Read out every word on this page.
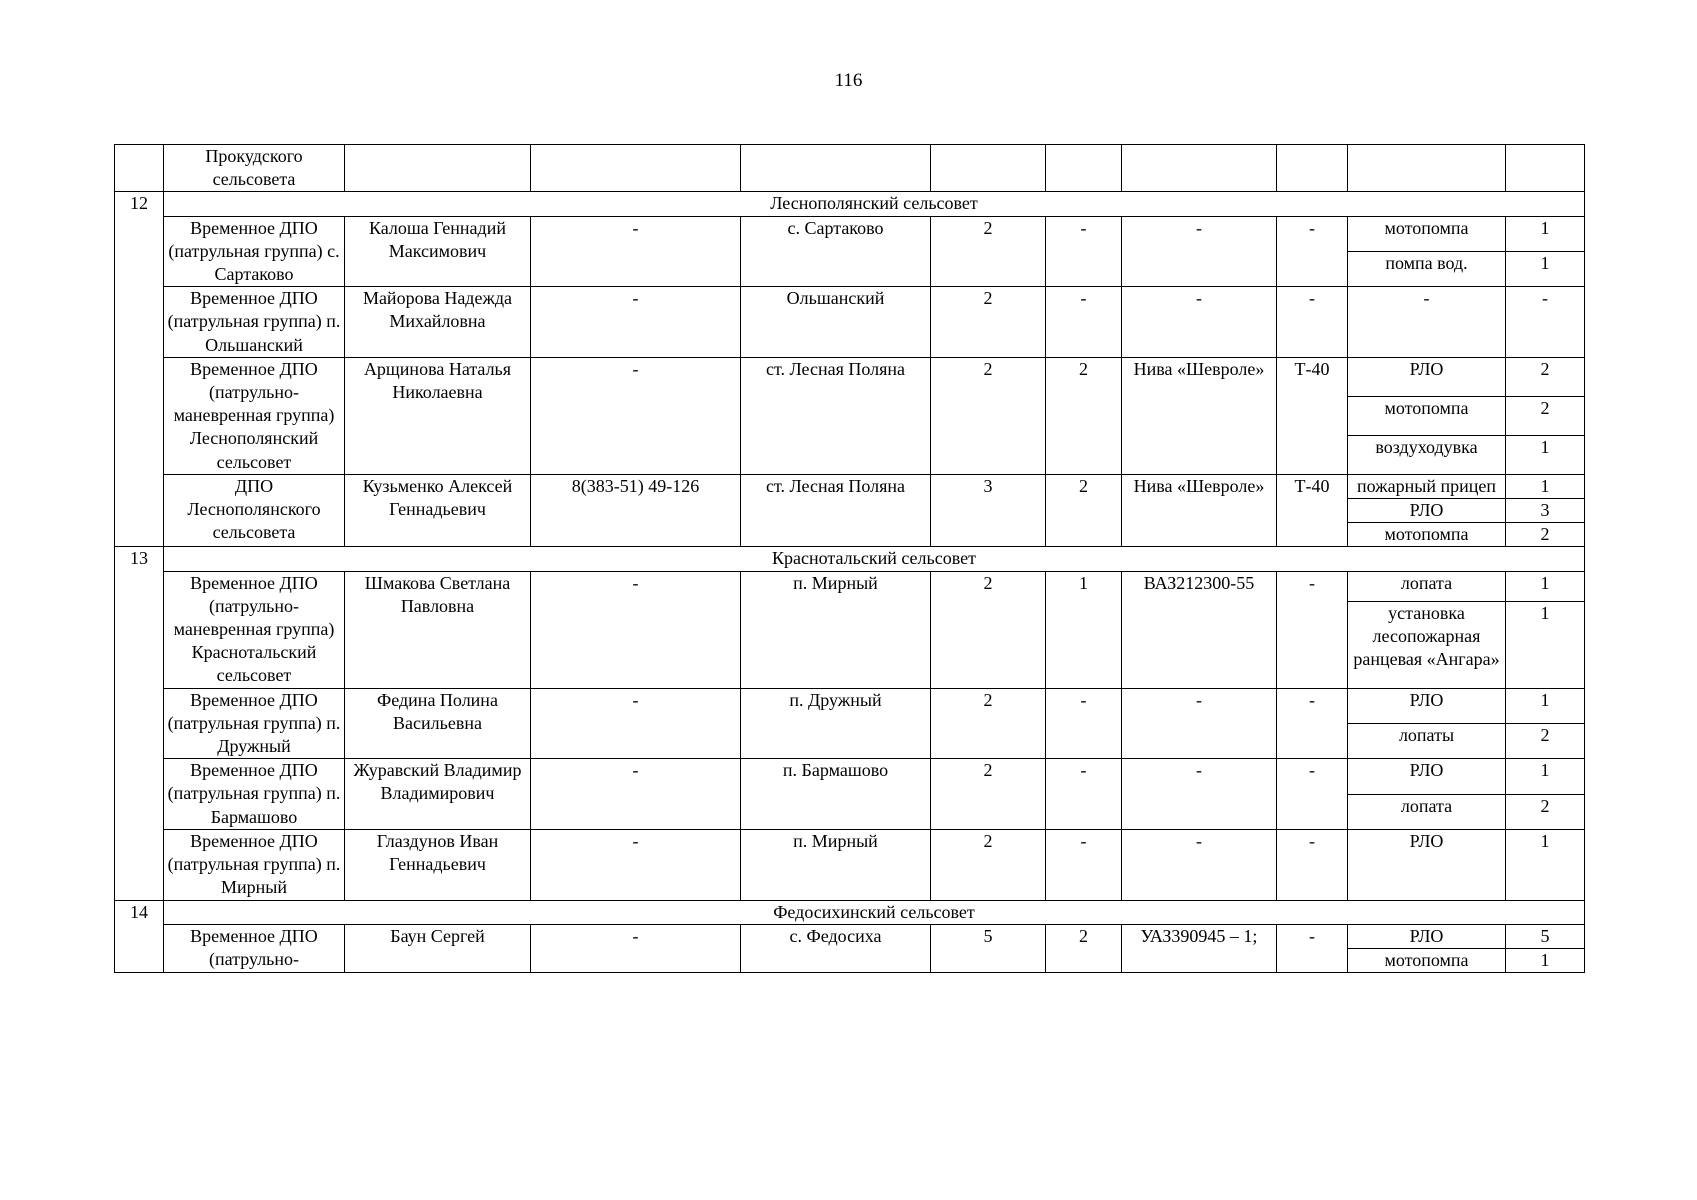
116
	Прокудского сельсовета									
12	Леснополянский сельсовет									
	Временное ДПО (патрульная группа) с. Сартаково	Калоша Геннадий Максимович	-	с. Сартаково	2	-	-	-	мотопомпа	1
									помпа вод.	1
	Временное ДПО (патрульная группа) п. Ольшанский	Майорова Надежда Михайловна	-	Ольшанский	2	-	-	-	-	-
	Временное ДПО (патрульно-маневренная группа) Леснополянский сельсовет	Арщинова Наталья Николаевна	-	ст. Лесная Поляна	2	2	Нива «Шевроле»	Т-40	РЛО	2
									мотопомпа	2
									воздуходувка	1
	ДПО Леснополянского сельсовета	Кузьменко Алексей Геннадьевич	8(383-51) 49-126	ст. Лесная Поляна	3	2	Нива «Шевроле»	Т-40	пожарный прицеп	1
									РЛО	3
									мотопомпа	2
13	Краснотальский сельсовет									
	Временное ДПО (патрульно-маневренная группа) Краснотальский сельсовет	Шмакова Светлана Павловна	-	п. Мирный	2	1	ВАЗ212300-55	-	лопата	1
									установка лесопожарная ранцевая «Ангара»	1
	Временное ДПО (патрульная группа) п. Дружный	Федина Полина Васильевна	-	п. Дружный	2	-	-	-	РЛО	1
									лопаты	2
	Временное ДПО (патрульная группа) п. Бармашово	Журавский Владимир Владимирович	-	п. Бармашово	2	-	-	-	РЛО	1
									лопата	2
	Временное ДПО (патрульная группа) п. Мирный	Глаздунов Иван Геннадьевич	-	п. Мирный	2	-	-	-	РЛО	1
14	Федосихинский сельсовет									
	Временное ДПО (патрульно-	Баун Сергей	-	с. Федосиха	5	2	УАЗ390945 – 1;	-	РЛО	5
									мотопомпа	1
